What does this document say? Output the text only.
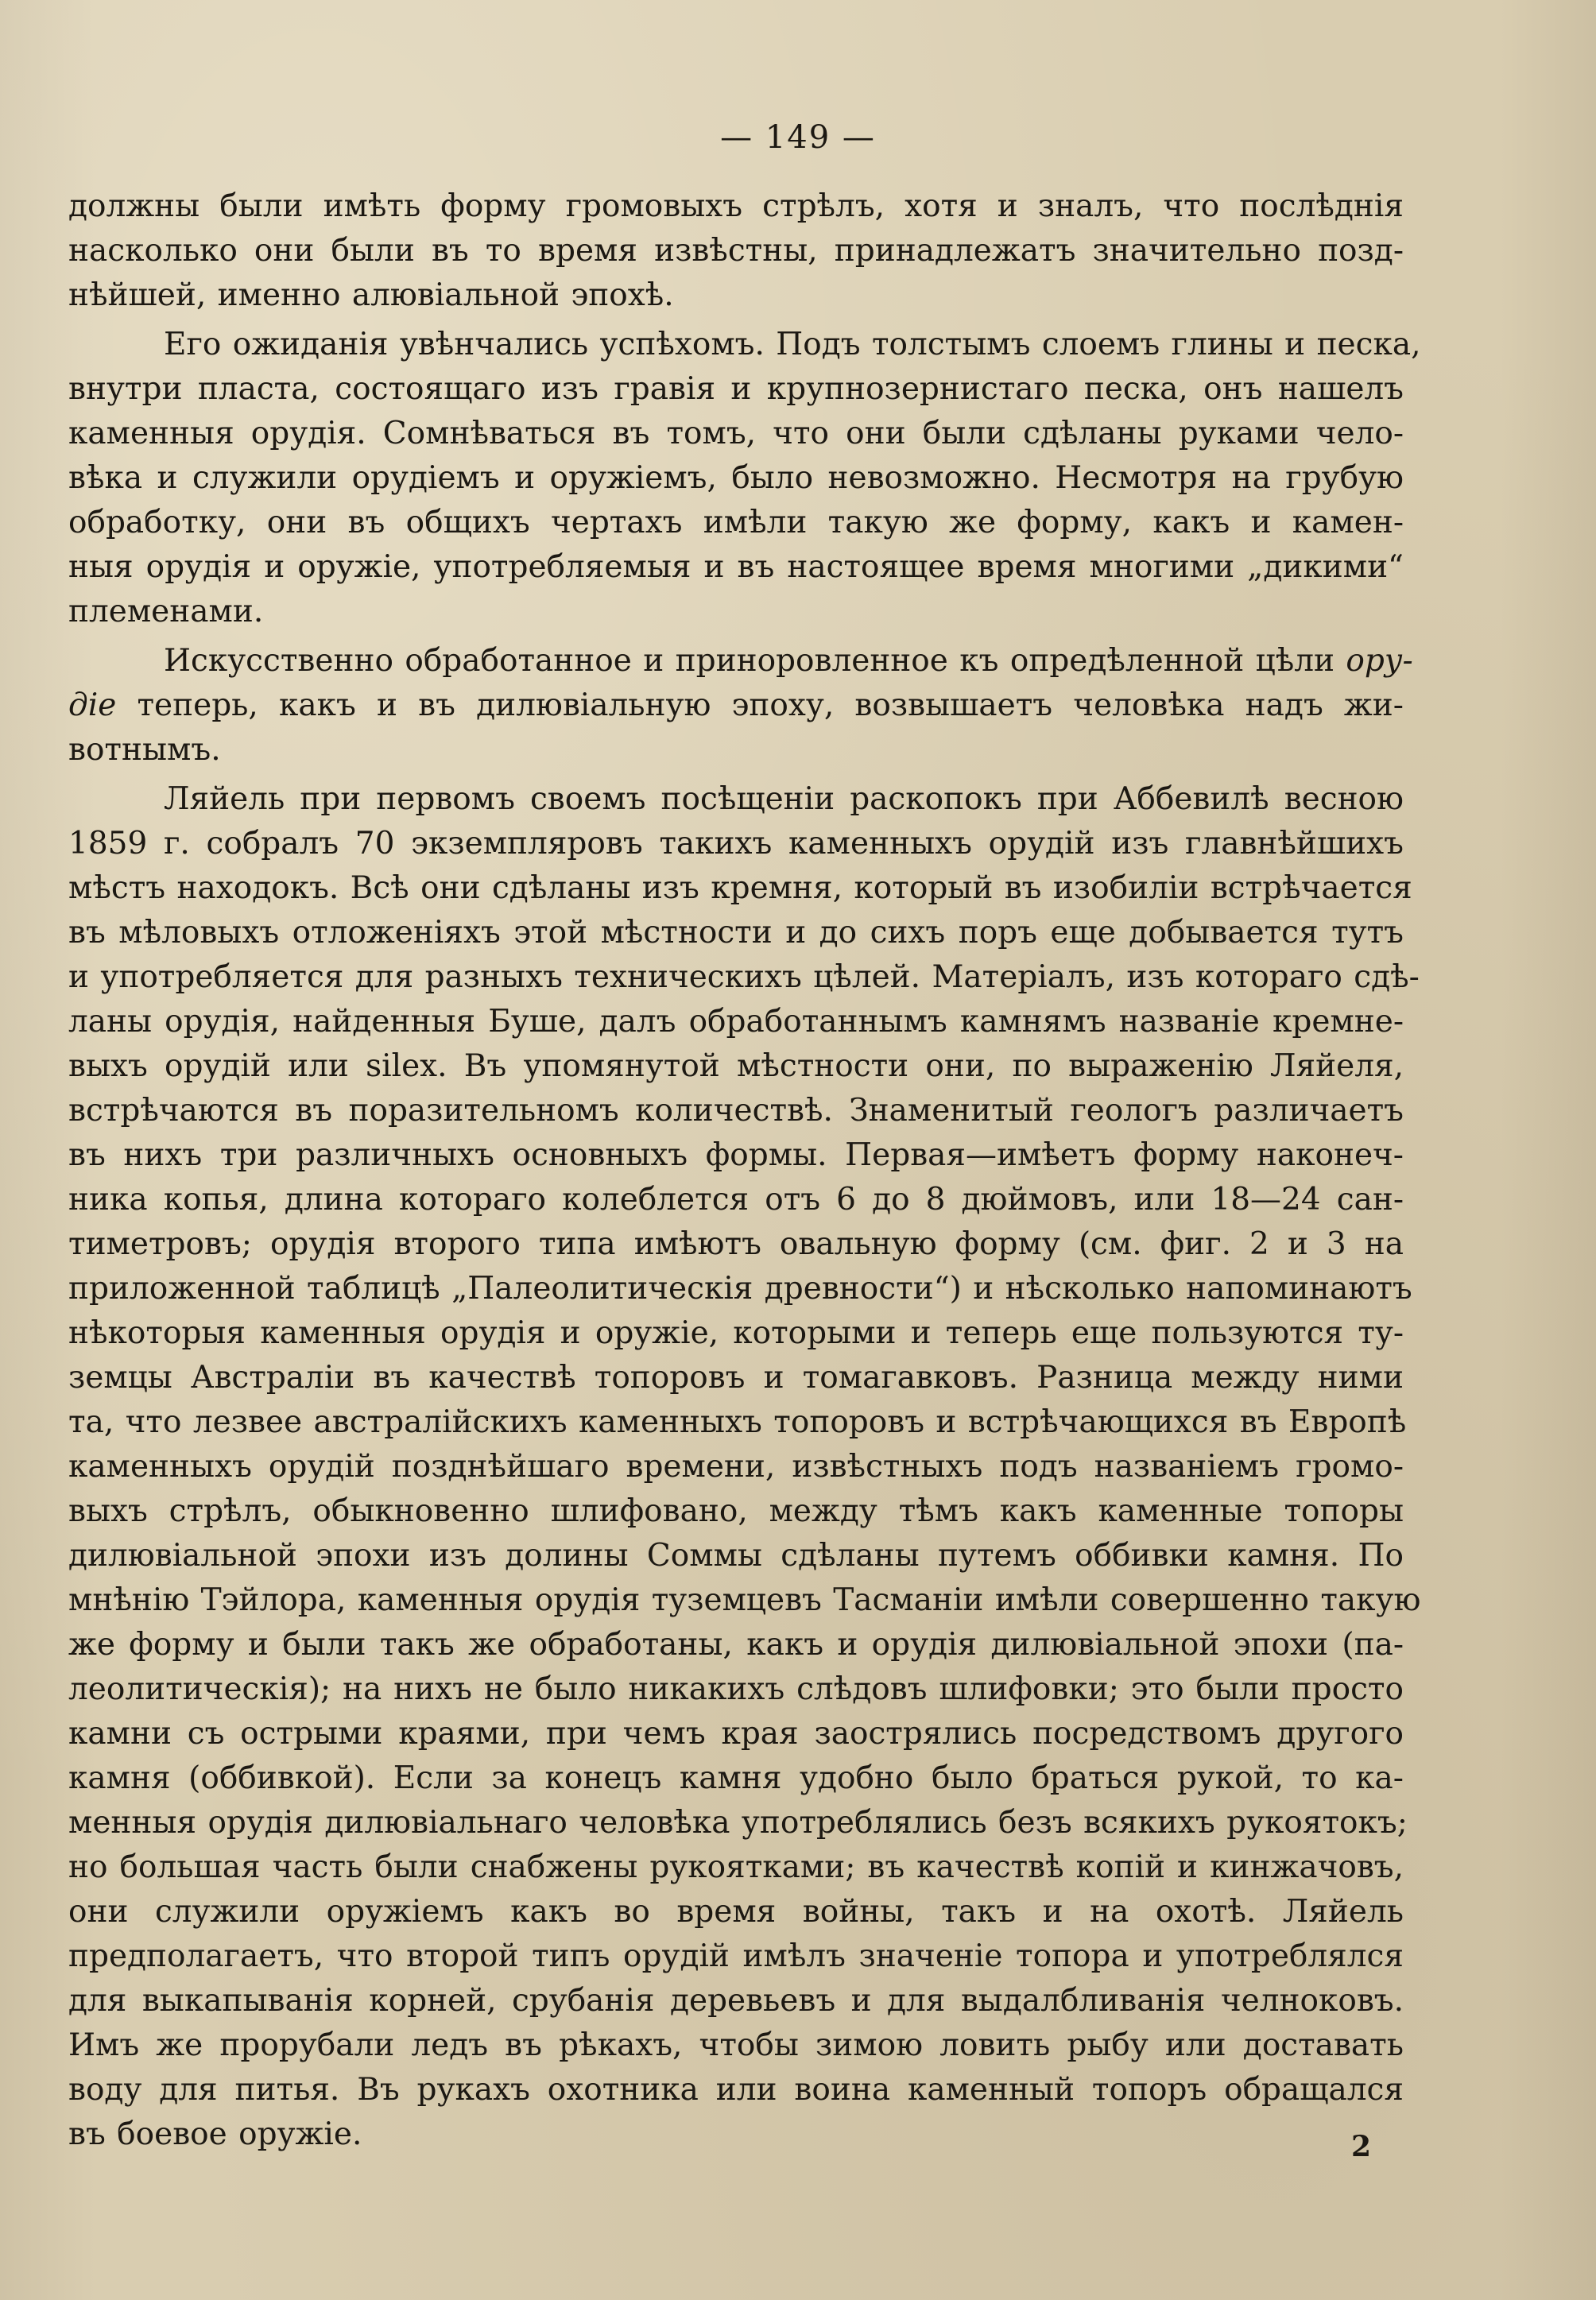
— 149 —
должны были имѣть форму громовыхъ стрѣлъ, хотя и зналъ, что послѣднія
насколько они были въ то время извѣстны, принадлежатъ значительно позд-
нѣйшей, именно алювіальной эпохѣ.
Его ожиданія увѣнчались успѣхомъ. Подъ толстымъ слоемъ глины и песка,
внутри пласта, состоящаго изъ гравія и крупнозернистаго песка, онъ нашелъ
каменныя орудія. Сомнѣваться въ томъ, что они были сдѣланы руками чело-
вѣка и служили орудіемъ и оружіемъ, было невозможно. Несмотря на грубую
обработку, они въ общихъ чертахъ имѣли такую же форму, какъ и камен-
ныя орудія и оружіе, употребляемыя и въ настоящее время многими „дикими“
племенами.
Искусственно обработанное и приноровленное къ опредѣленной цѣли ору-
діе теперь, какъ и въ дилювіальную эпоху, возвышаетъ человѣка надъ жи-
вотнымъ.
Ляйель при первомъ своемъ посѣщеніи раскопокъ при Аббевилѣ весною
1859 г. собралъ 70 экземпляровъ такихъ каменныхъ орудій изъ главнѣйшихъ
мѣстъ находокъ. Всѣ они сдѣланы изъ кремня, который въ изобиліи встрѣчается
въ мѣловыхъ отложеніяхъ этой мѣстности и до сихъ поръ еще добывается тутъ
и употребляется для разныхъ техническихъ цѣлей. Матеріалъ, изъ котораго сдѣ-
ланы орудія, найденныя Буше, далъ обработаннымъ камнямъ названіе кремне-
выхъ орудій или silex. Въ упомянутой мѣстности они, по выраженію Ляйеля,
встрѣчаются въ поразительномъ количествѣ. Знаменитый геологъ различаетъ
въ нихъ три различныхъ основныхъ формы. Первая—имѣетъ форму наконеч-
ника копья, длина котораго колеблется отъ 6 до 8 дюймовъ, или 18—24 сан-
тиметровъ; орудія второго типа имѣютъ овальную форму (см. фиг. 2 и 3 на
приложенной таблицѣ „Палеолитическія древности“) и нѣсколько напоминаютъ
нѣкоторыя каменныя орудія и оружіе, которыми и теперь еще пользуются ту-
земцы Австраліи въ качествѣ топоровъ и томагавковъ. Разница между ними
та, что лезвее австралійскихъ каменныхъ топоровъ и встрѣчающихся въ Европѣ
каменныхъ орудій позднѣйшаго времени, извѣстныхъ подъ названіемъ громо-
выхъ стрѣлъ, обыкновенно шлифовано, между тѣмъ какъ каменные топоры
дилювіальной эпохи изъ долины Соммы сдѣланы путемъ оббивки камня. По
мнѣнію Тэйлора, каменныя орудія туземцевъ Тасманіи имѣли совершенно такую
же форму и были такъ же обработаны, какъ и орудія дилювіальной эпохи (па-
леолитическія); на нихъ не было никакихъ слѣдовъ шлифовки; это были просто
камни съ острыми краями, при чемъ края заострялись посредствомъ другого
камня (оббивкой). Если за конецъ камня удобно было браться рукой, то ка-
менныя орудія дилювіальнаго человѣка употреблялись безъ всякихъ рукоятокъ;
но большая часть были снабжены рукоятками; въ качествѣ копій и кинжачовъ,
они служили оружіемъ какъ во время войны, такъ и на охотѣ. Ляйель
предполагаетъ, что второй типъ орудій имѣлъ значеніе топора и употреблялся
для выкапыванія корней, срубанія деревьевъ и для выдалбливанія челноковъ.
Имъ же прорубали ледъ въ рѣкахъ, чтобы зимою ловить рыбу или доставать
воду для питья. Въ рукахъ охотника или воина каменный топоръ обращался
въ боевое оружіе.	2
